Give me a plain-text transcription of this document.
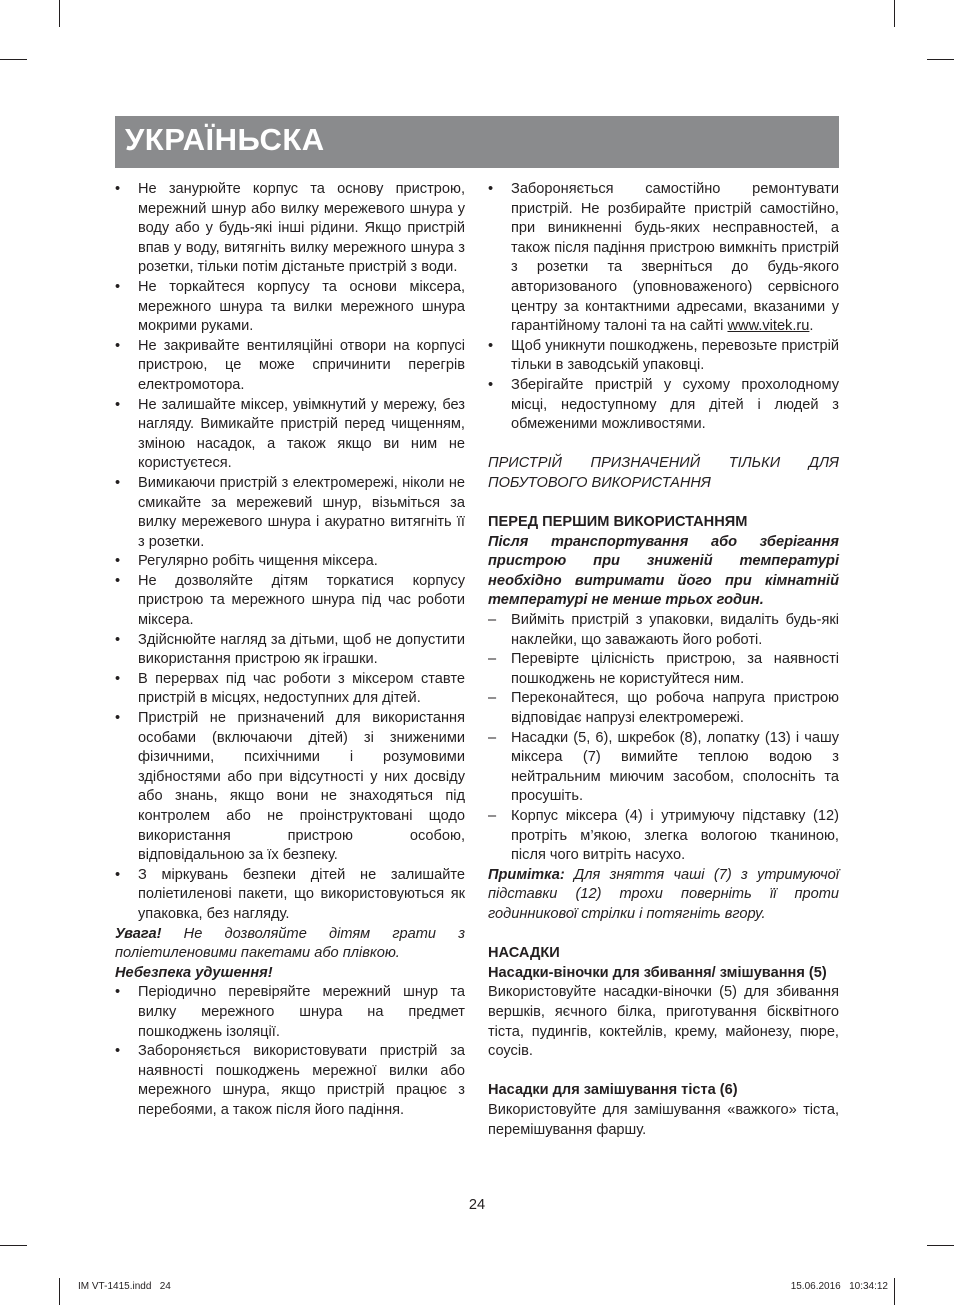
УКРАЇНЬСКА
• Не занурюйте корпус та основу пристрою, мережний шнур або вилку мережевого шнура у воду або у будь-які інші рідини. Якщо пристрій впав у воду, витягніть вилку мережного шнура з розетки, тільки потім дістаньте пристрій з води.
• Не торкайтеся корпусу та основи міксера, мережного шнура та вилки мережного шнура мокрими руками.
• Не закривайте вентиляційні отвори на корпусі пристрою, це може спричинити перегрів електромотора.
• Не залишайте міксер, увімкнутий у мережу, без нагляду. Вимикайте пристрій перед чищенням, зміною насадок, а також якщо ви ним не користуєтеся.
• Вимикаючи пристрій з електромережі, ніколи не смикайте за мережевий шнур, візьміться за вилку мережевого шнура і акуратно витягніть її з розетки.
• Регулярно робіть чищення міксера.
• Не дозволяйте дітям торкатися корпусу пристрою та мережного шнура під час роботи міксера.
• Здійснюйте нагляд за дітьми, щоб не допустити використання пристрою як іграшки.
• В перервах під час роботи з міксером ставте пристрій в місцях, недоступних для дітей.
• Пристрій не призначений для використання особами (включаючи дітей) зі зниженими фізичними, психічними і розумовими здібностями або при відсутності у них досвіду або знань, якщо вони не знаходяться під контролем або не проінструктовані щодо використання пристрою особою, відповідальною за їх безпеку.
• З міркувань безпеки дітей не залишайте поліетиленові пакети, що використовуються як упаковка, без нагляду.

Увага! Не дозволяйте дітям грати з поліетиленовими пакетами або плівкою.

Небезпека удушення!

• Періодично перевіряйте мережний шнур та вилку мережного шнура на предмет пошкоджень ізоляції.
• Забороняється використовувати пристрій за наявності пошкоджень мережної вилки або мережного шнура, якщо пристрій працює з перебоями, а також після його падіння.
• Забороняється самостійно ремонтувати пристрій. Не розбирайте пристрій самостійно, при виникненні будь-яких несправностей, а також після падіння пристрою вимкніть пристрій з розетки та зверніться до будь-якого авторизованого (уповноваженого) сервісного центру за контактними адресами, вказаними у гарантійному талоні та на сайті www.vitek.ru.
• Щоб уникнути пошкоджень, перевозьте пристрій тільки в заводській упаковці.
• Зберігайте пристрій у сухому прохолодному місці, недоступному для дітей і людей з обмеженими можливостями.

ПРИСТРІЙ ПРИЗНАЧЕНИЙ ТІЛЬКИ ДЛЯ ПОБУТОВОГО ВИКОРИСТАННЯ

ПЕРЕД ПЕРШИМ ВИКОРИСТАННЯМ

Після транспортування або зберігання пристрою при зниженій температурі необхідно витримати його при кімнатній температурі не менше трьох годин.

– Вийміть пристрій з упаковки, видаліть будь-які наклейки, що заважають його роботі.
– Перевірте цілісність пристрою, за наявності пошкоджень не користуйтеся ним.
– Переконайтеся, що робоча напруга пристрою відповідає напрузі електромережі.
– Насадки (5, 6), шкребок (8), лопатку (13) і чашу міксера (7) вимийте теплою водою з нейтральним миючим засобом, сполосніть та просушіть.
– Корпус міксера (4) і утримуючу підставку (12) протріть м’якою, злегка вологою тканиною, після чого витріть насухо.

Примітка: Для зняття чаші (7) з утримуючої підставки (12) трохи поверніть її проти годинникової стрілки і потягніть вгору.

НАСАДКИ

Насадки-віночки для збивання/ змішування (5)

Використовуйте насадки-віночки (5) для збивання вершків, яєчного білка, приготування бісквітного тіста, пудингів, коктейлів, крему, майонезу, пюре, соусів.

Насадки для замішування тіста (6)

Використовуйте для замішування «важкого» тіста, перемішування фаршу.

24
IM VT-1415.indd   24	15.06.2016   10:34:12
